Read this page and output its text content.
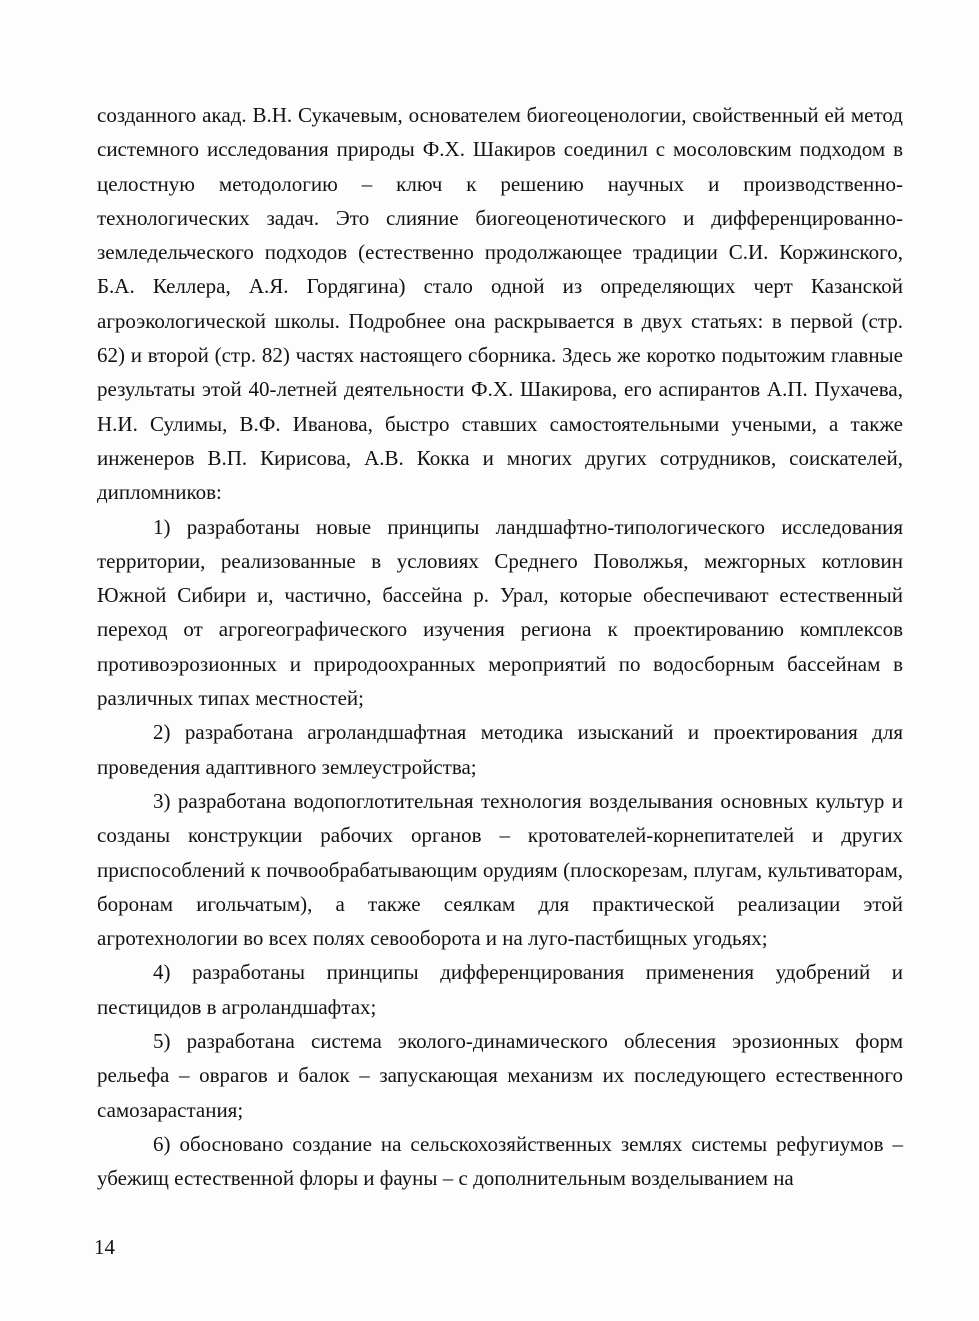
созданного акад. В.Н. Сукачевым, основателем биогеоценологии, свойственный ей метод системного исследования природы Ф.Х. Шакиров соединил с мосоловским подходом в целостную методологию – ключ к решению научных и производственно-технологических задач. Это слияние биогеоценотического и дифференцированно-земледельческого подходов (естественно продолжающее традиции С.И. Коржинского, Б.А. Келлера, А.Я. Гордягина) стало одной из определяющих черт Казанской агроэкологической школы. Подробнее она раскрывается в двух статьях: в первой (стр. 62) и второй (стр. 82) частях настоящего сборника. Здесь же коротко подытожим главные результаты этой 40-летней деятельности Ф.Х. Шакирова, его аспирантов А.П. Пухачева, Н.И. Сулимы, В.Ф. Иванова, быстро ставших самостоятельными учеными, а также инженеров В.П. Кирисова, А.В. Кокка и многих других сотрудников, соискателей, дипломников:

1) разработаны новые принципы ландшафтно-типологического исследования территории, реализованные в условиях Среднего Поволжья, межгорных котловин Южной Сибири и, частично, бассейна р. Урал, которые обеспечивают естественный переход от агрогеографического изучения региона к проектированию комплексов противоэрозионных и природоохранных мероприятий по водосборным бассейнам в различных типах местностей;

2) разработана агроландшафтная методика изысканий и проектирования для проведения адаптивного землеустройства;

3) разработана водопоглотительная технология возделывания основных культур и созданы конструкции рабочих органов – кротователей-корнепитателей и других приспособлений к почвообрабатывающим орудиям (плоскорезам, плугам, культиваторам, боронам игольчатым), а также сеялкам для практической реализации этой агротехнологии во всех полях севооборота и на луго-пастбищных угодьях;

4) разработаны принципы дифференцирования применения удобрений и пестицидов в агроландшафтах;

5) разработана система эколого-динамического облесения эрозионных форм рельефа – оврагов и балок – запускающая механизм их последующего естественного самозарастания;

6) обосновано создание на сельскохозяйственных землях системы рефугиумов – убежищ естественной флоры и фауны – с дополнительным возделыванием на

14
